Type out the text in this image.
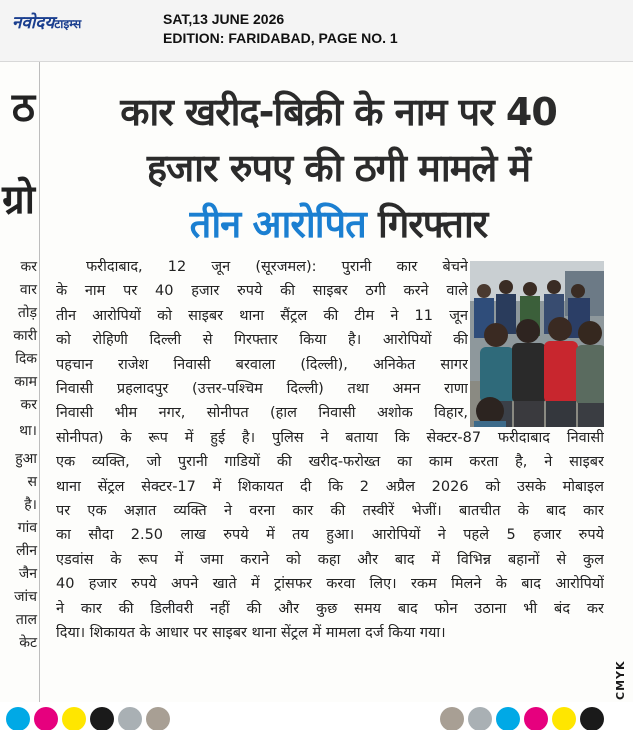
नवोदयटाइम्स	SAT,13 JUNE 2026
EDITION: FARIDABAD, PAGE NO. 1
ठ
ग्रो
कर
वार
तोड़
कारी
दिक
काम
कर
था।
हुआ
स
है।
गांव
लीन
जैन
जांच
ताल
केट
कार खरीद-बिक्री के नाम पर 40
हजार रुपए की ठगी मामले में
तीन आरोपित गिरफ्तार
फरीदाबाद, 12 जून (सूरजमल): पुरानी कार बेचने
के नाम पर 40 हजार रुपये की साइबर ठगी करने वाले
तीन आरोपियों को साइबर थाना सैंट्रल की टीम ने 11 जून
को रोहिणी दिल्ली से गिरफ्तार किया है। आरोपियों की
पहचान राजेश निवासी बरवाला (दिल्ली), अनिकेत सागर
निवासी प्रहलादपुर (उत्तर-पश्चिम दिल्ली) तथा अमन राणा
निवासी भीम नगर, सोनीपत (हाल निवासी अशोक विहार,
सोनीपत) के रूप में हुई है। पुलिस ने बताया कि सेक्टर-87 फरीदाबाद निवासी
एक व्यक्ति, जो पुरानी गाडियों की खरीद-फरोख्त का काम करता है, ने साइबर
थाना सेंट्रल सेक्टर-17 में शिकायत दी कि 2 अप्रैल 2026 को उसके मोबाइल
पर एक अज्ञात व्यक्ति ने वरना कार की तस्वीरें भेजीं। बातचीत के बाद कार
का सौदा 2.50 लाख रुपये में तय हुआ। आरोपियों ने पहले 5 हजार रुपये
एडवांस के रूप में जमा कराने को कहा और बाद में विभिन्न बहानों से कुल
40 हजार रुपये अपने खाते में ट्रांसफर करवा लिए। रकम मिलने के बाद आरोपियों
ने कार की डिलीवरी नहीं की और कुछ समय बाद फोन उठाना भी बंद कर
दिया। शिकायत के आधार पर साइबर थाना सेंट्रल में मामला दर्ज किया गया।
CMYK
